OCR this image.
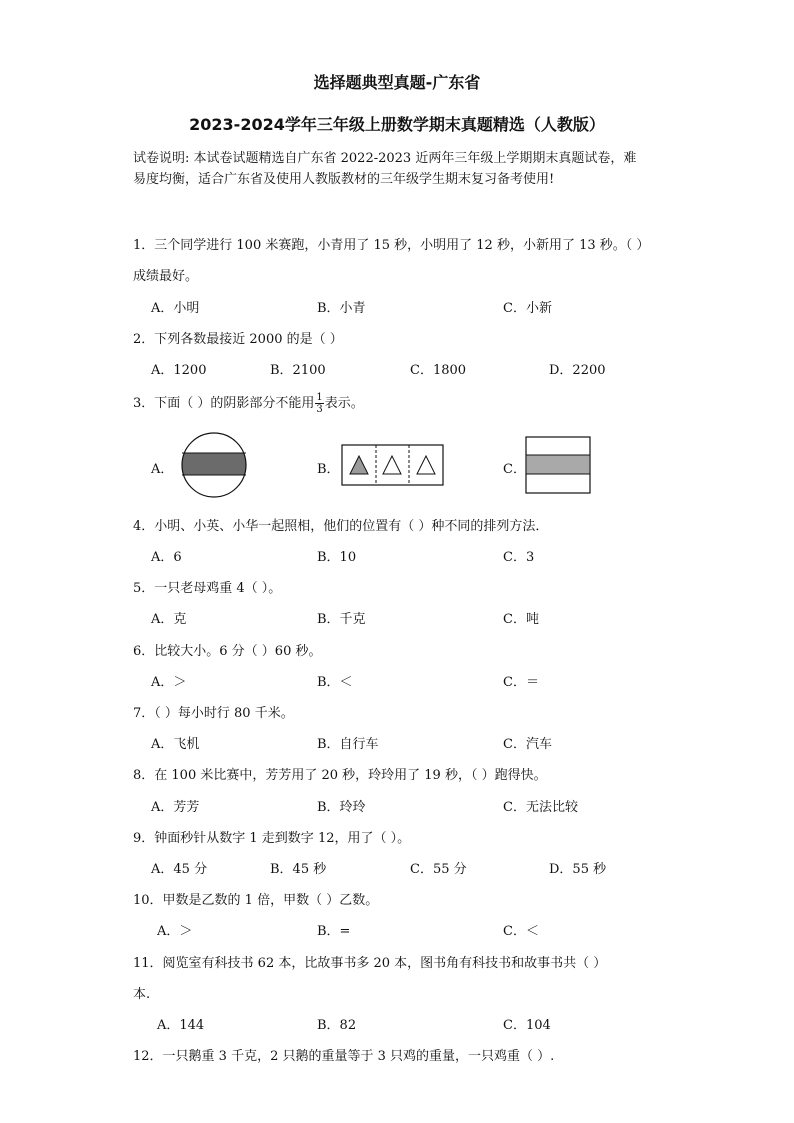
选择题典型真题-广东省
2023-2024学年三年级上册数学期末真题精选（人教版）
试卷说明: 本试卷试题精选自广东省 2022-2023 近两年三年级上学期期末真题试卷，难
易度均衡，适合广东省及使用人教版教材的三年级学生期末复习备考使用!
1．三个同学进行 100 米赛跑，小青用了 15 秒，小明用了 12 秒，小新用了 13 秒。（ ）
成绩最好。
A．小明	B．小青	C．小新
2．下列各数最接近 2000 的是（ ）
A．1200	B．2100	C．1800	D．2200
3．下面（ ）的阴影部分不能用 $\frac{1}{3}$ 表示。
A．	B．	C．
4．小明、小英、小华一起照相，他们的位置有（ ）种不同的排列方法．
A．6	B．10	C．3
5．一只老母鸡重 4（ ）。
A．克	B．千克	C．吨
6．比较大小。6 分（ ）60 秒。
A．＞	B．＜	C．＝
7．（ ）每小时行 80 千米。
A．飞机	B．自行车	C．汽车
8．在 100 米比赛中，芳芳用了 20 秒，玲玲用了 19 秒，（ ）跑得快。
A．芳芳	B．玲玲	C．无法比较
9．钟面秒针从数字 1 走到数字 12，用了（ ）。
A．45 分	B．45 秒	C．55 分	D．55 秒
10．甲数是乙数的 1 倍，甲数（ ）乙数。
A．＞	B．=	C．＜
11．阅览室有科技书 62 本，比故事书多 20 本，图书角有科技书和故事书共（ ）
本.
A．144	B．82	C．104
12．一只鹅重 3 千克，2 只鹅的重量等于 3 只鸡的重量，一只鸡重（ ）.
